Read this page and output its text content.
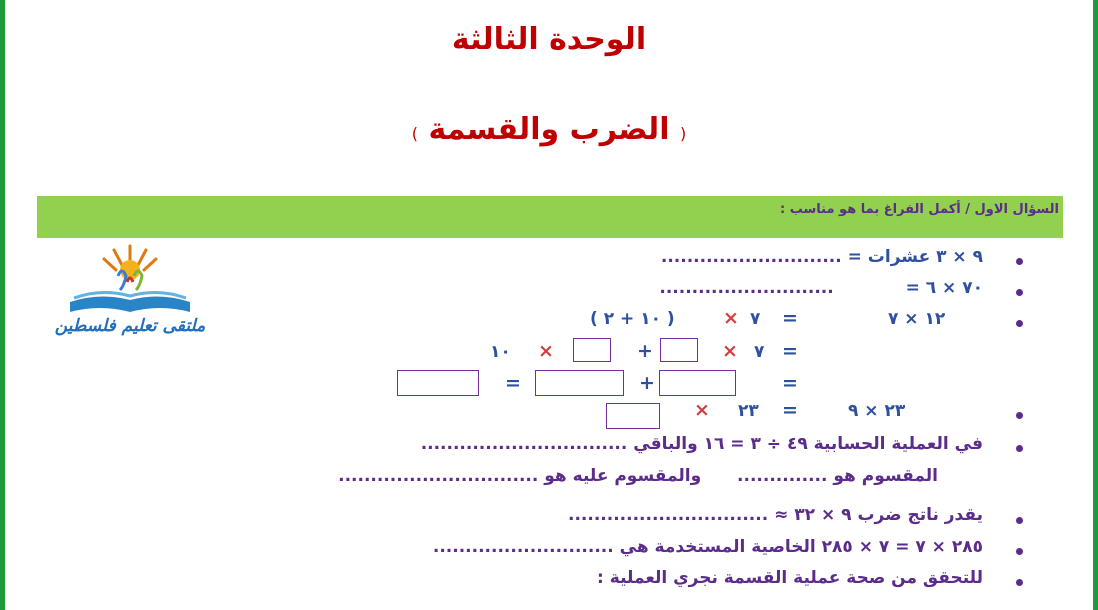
الوحدة الثالثة
( الضرب والقسمة )
السؤال الاول / أكمل الفراغ بما هو مناسب :
ملتقى تعليم فلسطين
٩ × ٣ عشرات = ............................
٧٠ × ٦ =  ...........................
١٢ × ٧
=
٧
×
( ١٠ + ٢ )
=
٧
×
+
×
١٠
=
+
=
٢٣ × ٩
=
٢٣
×
في العملية الحسابية ٤٩ ÷ ٣ = ١٦ والباقي ................................
المقسوم هو ..............  والمقسوم عليه هو ...............................
يقدر ناتج ضرب ٩ × ٣٢ ≈ ...............................
٢٨٥ × ٧ = ٧ × ٢٨٥ الخاصية المستخدمة هي ............................
للتحقق من صحة عملية القسمة نجري العملية :
